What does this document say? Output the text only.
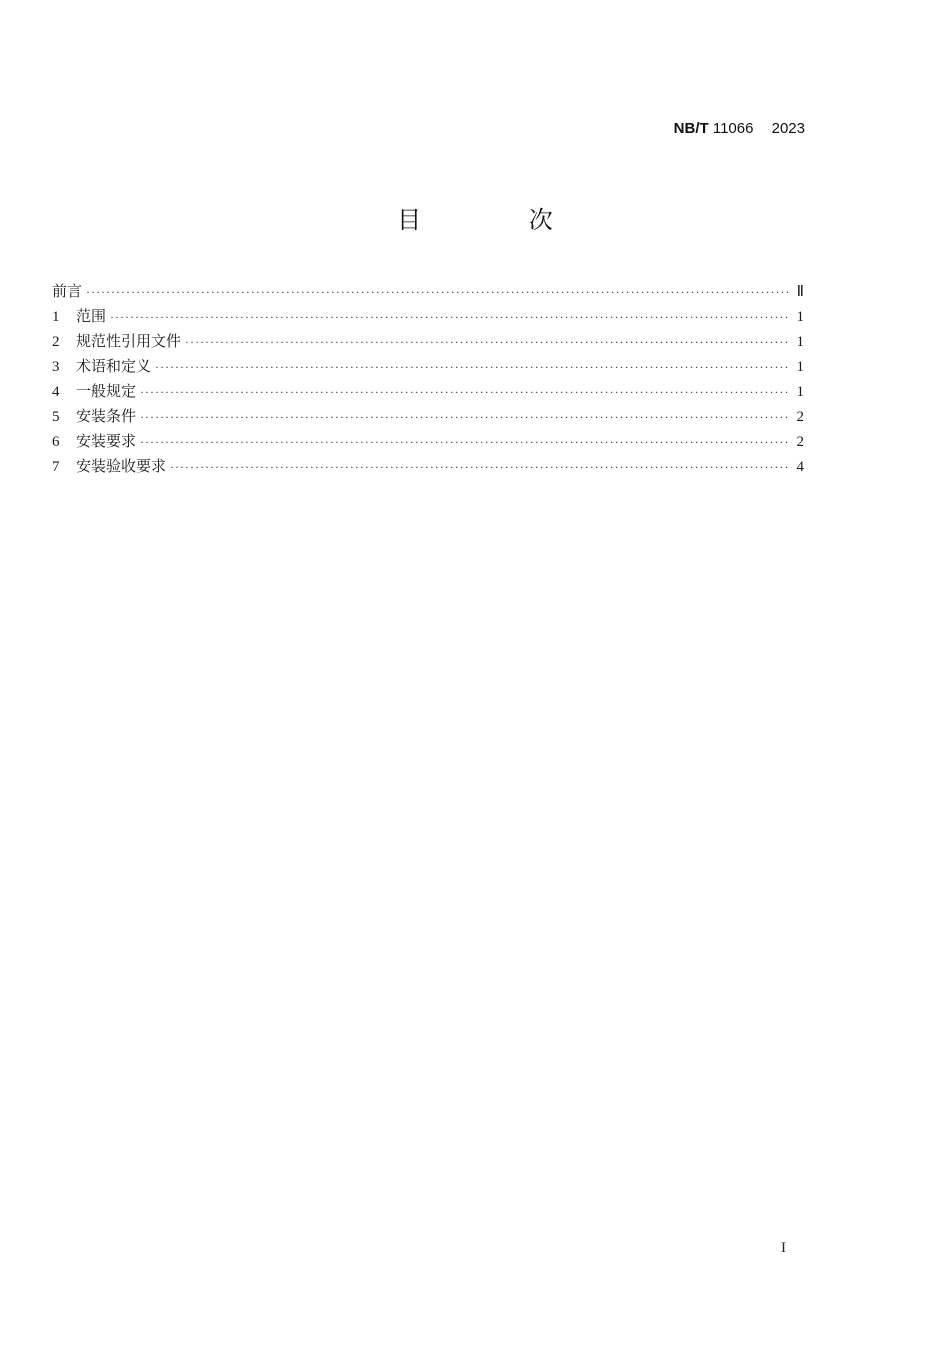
NB/T 11066 2023
目 次
前言 ·····	Ⅱ
1	范围 ·····	1
2	规范性引用文件 ·····	1
3	术语和定义 ·····	1
4	一般规定 ·····	1
5	安装条件 ·····	2
6	安装要求 ·····	2
7	安装验收要求 ·····	4
I
